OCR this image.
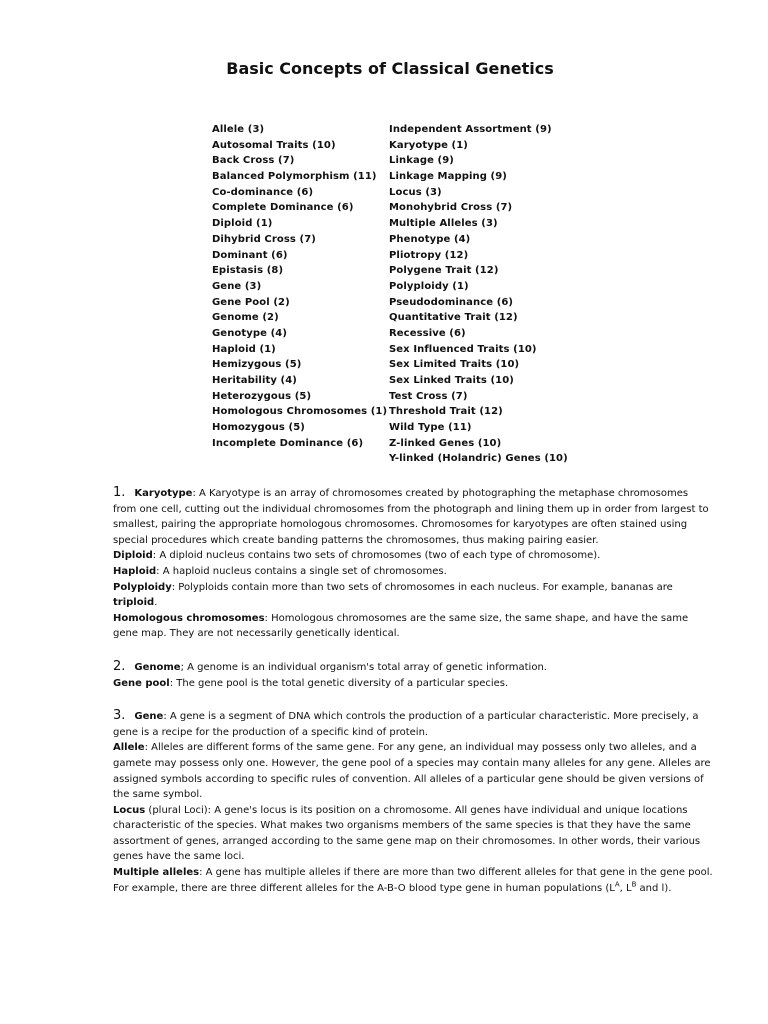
Basic Concepts of Classical Genetics
Allele (3)
Autosomal Traits (10)
Back Cross (7)
Balanced Polymorphism (11)
Co-dominance (6)
Complete Dominance (6)
Diploid (1)
Dihybrid Cross (7)
Dominant (6)
Epistasis (8)
Gene (3)
Gene Pool (2)
Genome (2)
Genotype (4)
Haploid (1)
Hemizygous (5)
Heritability (4)
Heterozygous (5)
Homologous Chromosomes (1)
Homozygous (5)
Incomplete Dominance (6)
Independent Assortment (9)
Karyotype (1)
Linkage (9)
Linkage Mapping (9)
Locus (3)
Monohybrid Cross (7)
Multiple Alleles (3)
Phenotype (4)
Pliotropy (12)
Polygene Trait (12)
Polyploidy (1)
Pseudodominance (6)
Quantitative Trait (12)
Recessive (6)
Sex Influenced Traits (10)
Sex Limited Traits (10)
Sex Linked Traits (10)
Test Cross (7)
Threshold Trait (12)
Wild Type (11)
Z-linked Genes (10)
Y-linked (Holandric) Genes (10)

1. Karyotype: A Karyotype is an array of chromosomes created by photographing the metaphase chromosomes from one cell, cutting out the individual chromosomes from the photograph and lining them up in order from largest to smallest, pairing the appropriate homologous chromosomes. Chromosomes for karyotypes are often stained using special procedures which create banding patterns the chromosomes, thus making pairing easier.

Diploid: A diploid nucleus contains two sets of chromosomes (two of each type of chromosome).

Haploid: A haploid nucleus contains a single set of chromosomes.

Polyploidy: Polyploids contain more than two sets of chromosomes in each nucleus. For example, bananas are triploid.

Homologous chromosomes: Homologous chromosomes are the same size, the same shape, and have the same gene map. They are not necessarily genetically identical.

2. Genome; A genome is an individual organism's total array of genetic information.

Gene pool: The gene pool is the total genetic diversity of a particular species.

3. Gene: A gene is a segment of DNA which controls the production of a particular characteristic. More precisely, a gene is a recipe for the production of a specific kind of protein.

Allele: Alleles are different forms of the same gene. For any gene, an individual may possess only two alleles, and a gamete may possess only one. However, the gene pool of a species may contain many alleles for any gene. Alleles are assigned symbols according to specific rules of convention. All alleles of a particular gene should be given versions of the same symbol.

Locus (plural Loci): A gene's locus is its position on a chromosome. All genes have individual and unique locations characteristic of the species. What makes two organisms members of the same species is that they have the same assortment of genes, arranged according to the same gene map on their chromosomes. In other words, their various genes have the same loci.

Multiple alleles: A gene has multiple alleles if there are more than two different alleles for that gene in the gene pool. For example, there are three different alleles for the A-B-O blood type gene in human populations ($L^A$, $L^B$ and l).
